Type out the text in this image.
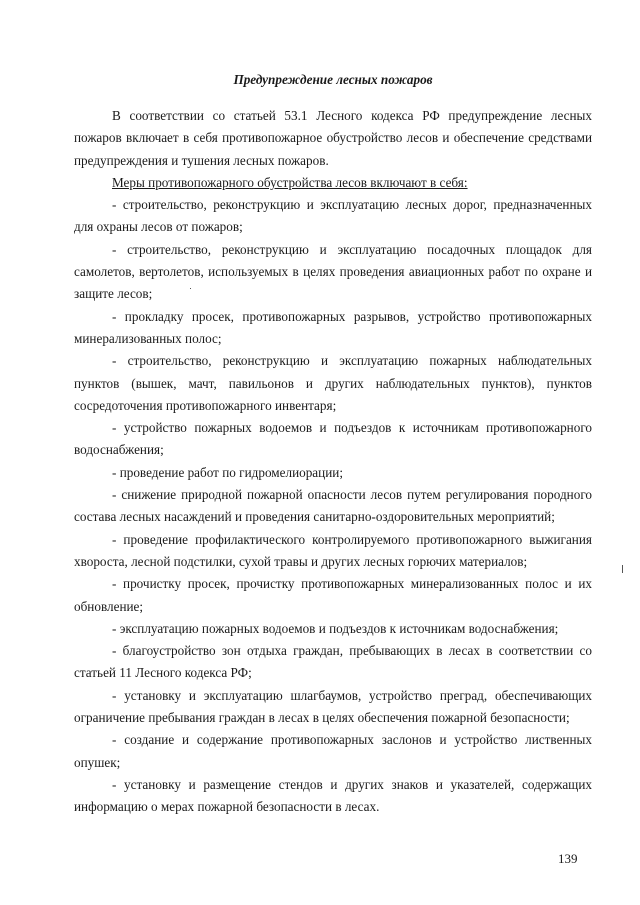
Предупреждение лесных пожаров

В соответствии со статьей 53.1 Лесного кодекса РФ предупреждение лесных пожаров включает в себя противопожарное обустройство лесов и обеспечение средствами предупреждения и тушения лесных пожаров.

Меры противопожарного обустройства лесов включают в себя:

- строительство, реконструкцию и эксплуатацию лесных дорог, предназначенных для охраны лесов от пожаров;

- строительство, реконструкцию и эксплуатацию посадочных площадок для самолетов, вертолетов, используемых в целях проведения авиационных работ по охране и защите лесов;

- прокладку просек, противопожарных разрывов, устройство противопожарных минерализованных полос;

- строительство, реконструкцию и эксплуатацию пожарных наблюдательных пунктов (вышек, мачт, павильонов и других наблюдательных пунктов), пунктов сосредоточения противопожарного инвентаря;

- устройство пожарных водоемов и подъездов к источникам противопожарного водоснабжения;

- проведение работ по гидромелиорации;

- снижение природной пожарной опасности лесов путем регулирования породного состава лесных насаждений и проведения санитарно-оздоровительных мероприятий;

- проведение профилактического контролируемого противопожарного выжигания хвороста, лесной подстилки, сухой травы и других лесных горючих материалов;

- прочистку просек, прочистку противопожарных минерализованных полос и их обновление;

- эксплуатацию пожарных водоемов и подъездов к источникам водоснабжения;

- благоустройство зон отдыха граждан, пребывающих в лесах в соответствии со статьей 11 Лесного кодекса РФ;

- установку и эксплуатацию шлагбаумов, устройство преград, обеспечивающих ограничение пребывания граждан в лесах в целях обеспечения пожарной безопасности;

- создание и содержание противопожарных заслонов и устройство лиственных опушек;

- установку и размещение стендов и других знаков и указателей, содержащих информацию о мерах пожарной безопасности в лесах.

139
